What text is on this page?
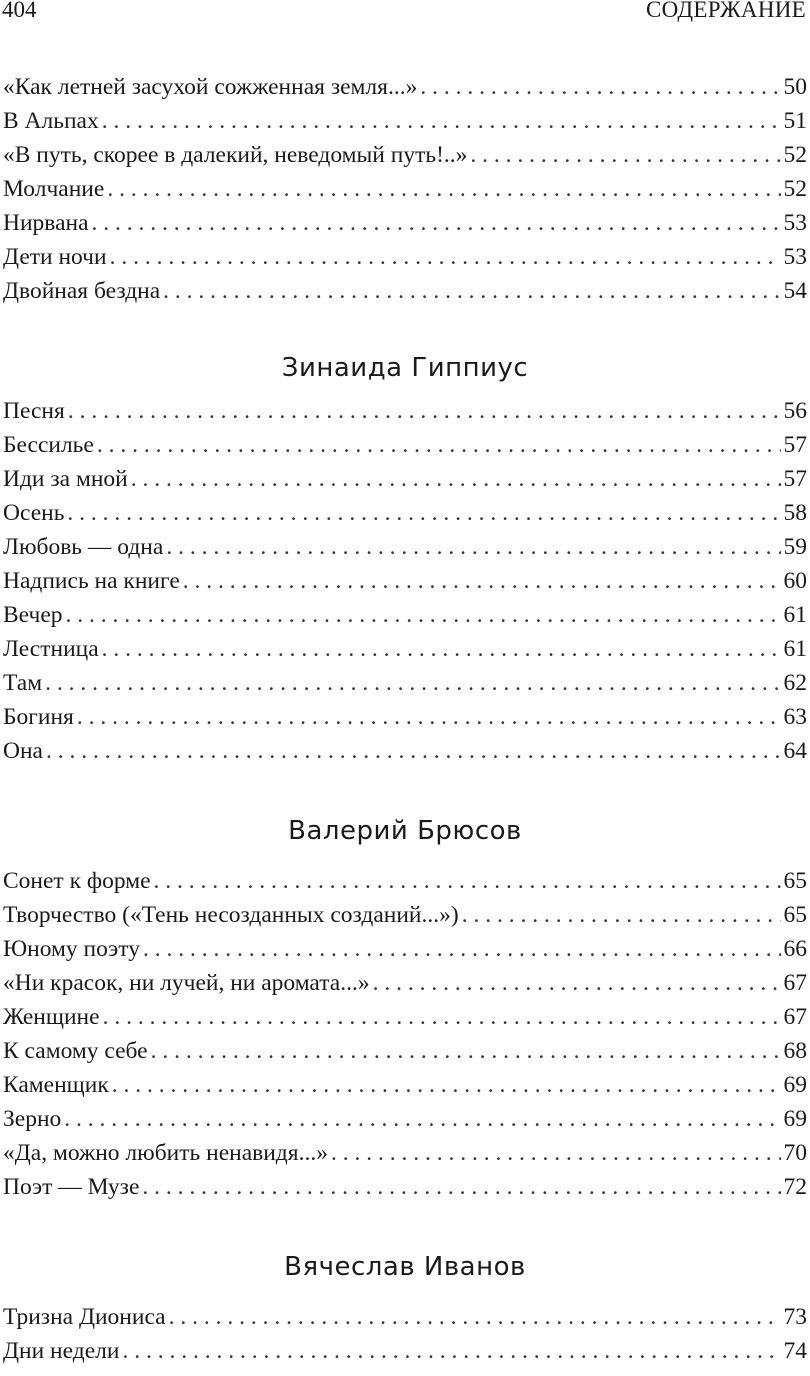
404	СОДЕРЖАНИЕ
«Как летней засухой сожженная земля...» . . .	50
В Альпах . . .	51
«В путь, скорее в далекий, неведомый путь!..» . . .	52
Молчание . . .	52
Нирвана . . .	53
Дети ночи . . .	53
Двойная бездна . . .	54
Зинаида Гиппиус
Песня . . .	56
Бессилье . . .	57
Иди за мной . . .	57
Осень . . .	58
Любовь — одна . . .	59
Надпись на книге . . .	60
Вечер . . .	61
Лестница . . .	61
Там . . .	62
Богиня . . .	63
Она . . .	64
Валерий Брюсов
Сонет к форме . . .	65
Творчество («Тень несозданных созданий...») . . .	65
Юному поэту . . .	66
«Ни красок, ни лучей, ни аромата...» . . .	67
Женщине . . .	67
К самому себе . . .	68
Каменщик . . .	69
Зерно . . .	69
«Да, можно любить ненавидя...» . . .	70
Поэт — Музе . . .	72
Вячеслав Иванов
Тризна Диониса . . .	73
Дни недели . . .	74
